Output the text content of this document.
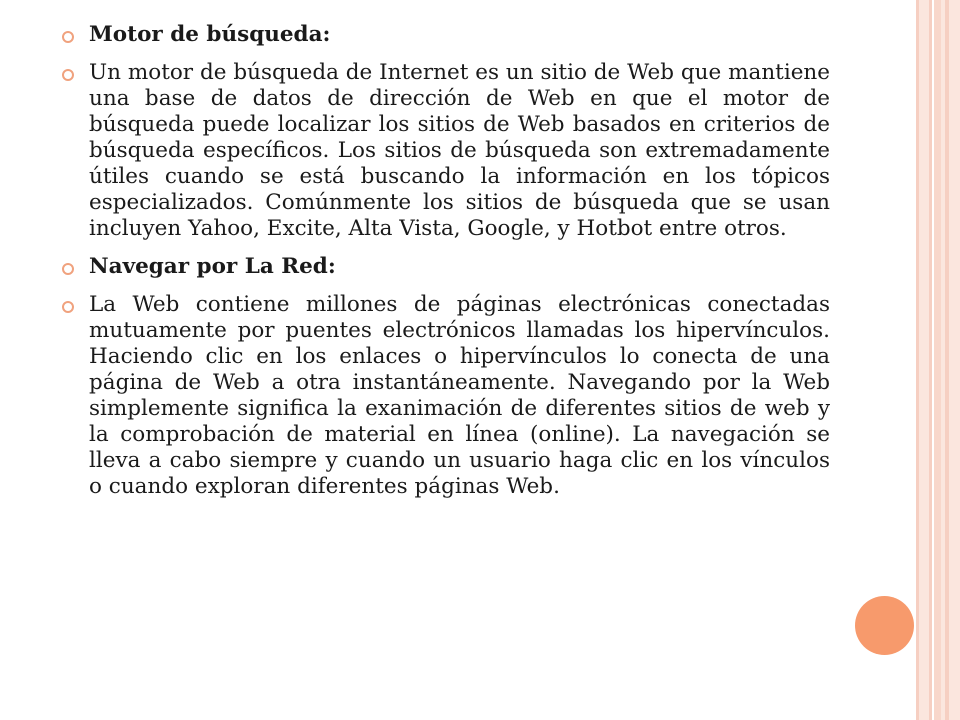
Motor de búsqueda:

Un motor de búsqueda de Internet es un sitio de Web que mantiene una base de datos de dirección de Web en que el motor de búsqueda puede localizar los sitios de Web basados en criterios de búsqueda específicos. Los sitios de búsqueda son extremadamente útiles cuando se está buscando la información en los tópicos especializados. Comúnmente los sitios de búsqueda que se usan incluyen Yahoo, Excite, Alta Vista, Google, y Hotbot entre otros.

Navegar por La Red:

La Web contiene millones de páginas electrónicas conectadas mutuamente por puentes electrónicos llamadas los hipervínculos. Haciendo clic en los enlaces o hipervínculos lo conecta de una página de Web a otra instantáneamente. Navegando por la Web simplemente significa la exanimación de diferentes sitios de web y la comprobación de material en línea (online). La navegación se lleva a cabo siempre y cuando un usuario haga clic en los vínculos o cuando exploran diferentes páginas Web.
